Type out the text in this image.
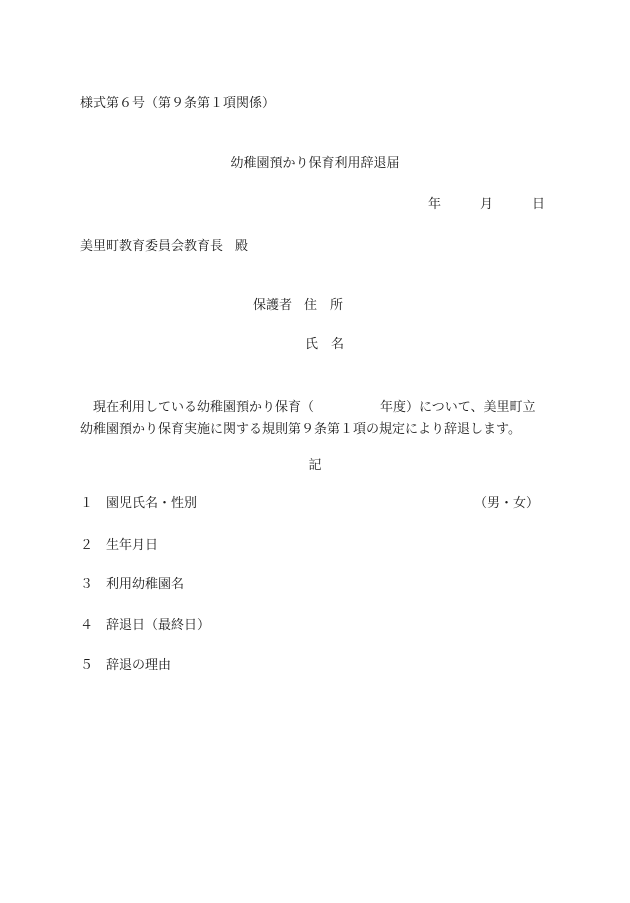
様式第６号（第９条第１項関係）
幼稚園預かり保育利用辞退届
年	月	日
美里町教育委員会教育長 殿
保護者 住　所
氏　名
　現在利用している幼稚園預かり保育（	年度）について、美里町立
幼稚園預かり保育実施に関する規則第９条第１項の規定により辞退します。
記
１ 園児氏名・性別	（男・女）
２ 生年月日
３ 利用幼稚園名
４ 辞退日（最終日）
５ 辞退の理由
